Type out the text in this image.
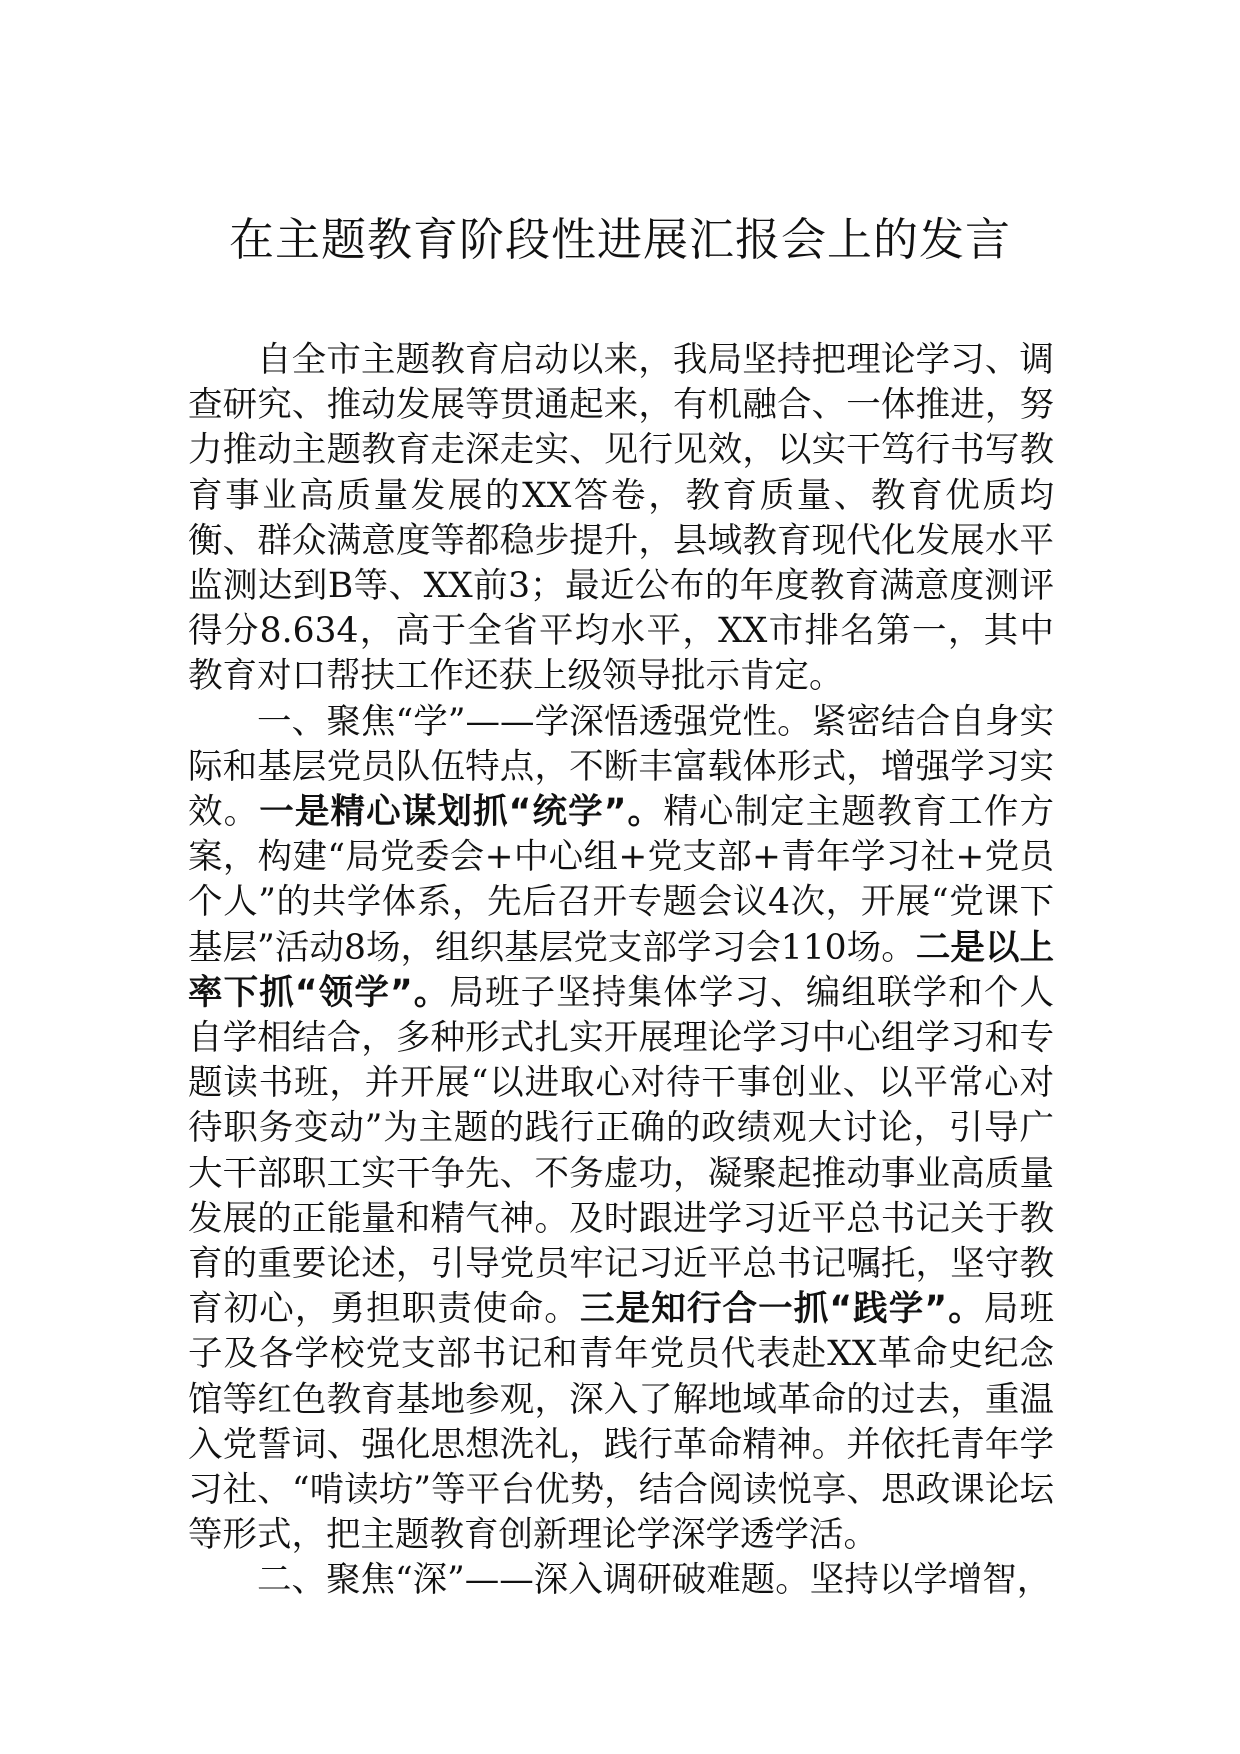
在主题教育阶段性进展汇报会上的发言

自全市主题教育启动以来，我局坚持把理论学习、调查研究、推动发展等贯通起来，有机融合、一体推进，努力推动主题教育走深走实、见行见效，以实干笃行书写教育事业高质量发展的XX答卷，教育质量、教育优质均衡、群众满意度等都稳步提升，县域教育现代化发展水平监测达到B等、XX前3；最近公布的年度教育满意度测评得分8.634，高于全省平均水平，XX市排名第一，其中教育对口帮扶工作还获上级领导批示肯定。

一、聚焦“学”——学深悟透强党性。紧密结合自身实际和基层党员队伍特点，不断丰富载体形式，增强学习实效。一是精心谋划抓“统学”。精心制定主题教育工作方案，构建“局党委会+中心组+党支部+青年学习社+党员个人”的共学体系，先后召开专题会议4次，开展“党课下基层”活动8场，组织基层党支部学习会110场。二是以上率下抓“领学”。局班子坚持集体学习、编组联学和个人自学相结合，多种形式扎实开展理论学习中心组学习和专题读书班，并开展“以进取心对待干事创业、以平常心对待职务变动”为主题的践行正确的政绩观大讨论，引导广大干部职工实干争先、不务虚功，凝聚起推动事业高质量发展的正能量和精气神。及时跟进学习近平总书记关于教育的重要论述，引导党员牢记习近平总书记嘱托，坚守教育初心，勇担职责使命。三是知行合一抓“践学”。局班子及各学校党支部书记和青年党员代表赴XX革命史纪念馆等红色教育基地参观，深入了解地域革命的过去，重温入党誓词、强化思想洗礼，践行革命精神。并依托青年学习社、“啃读坊”等平台优势，结合阅读悦享、思政课论坛等形式，把主题教育创新理论学深学透学活。

二、聚焦“深”——深入调研破难题。坚持以学增智，
